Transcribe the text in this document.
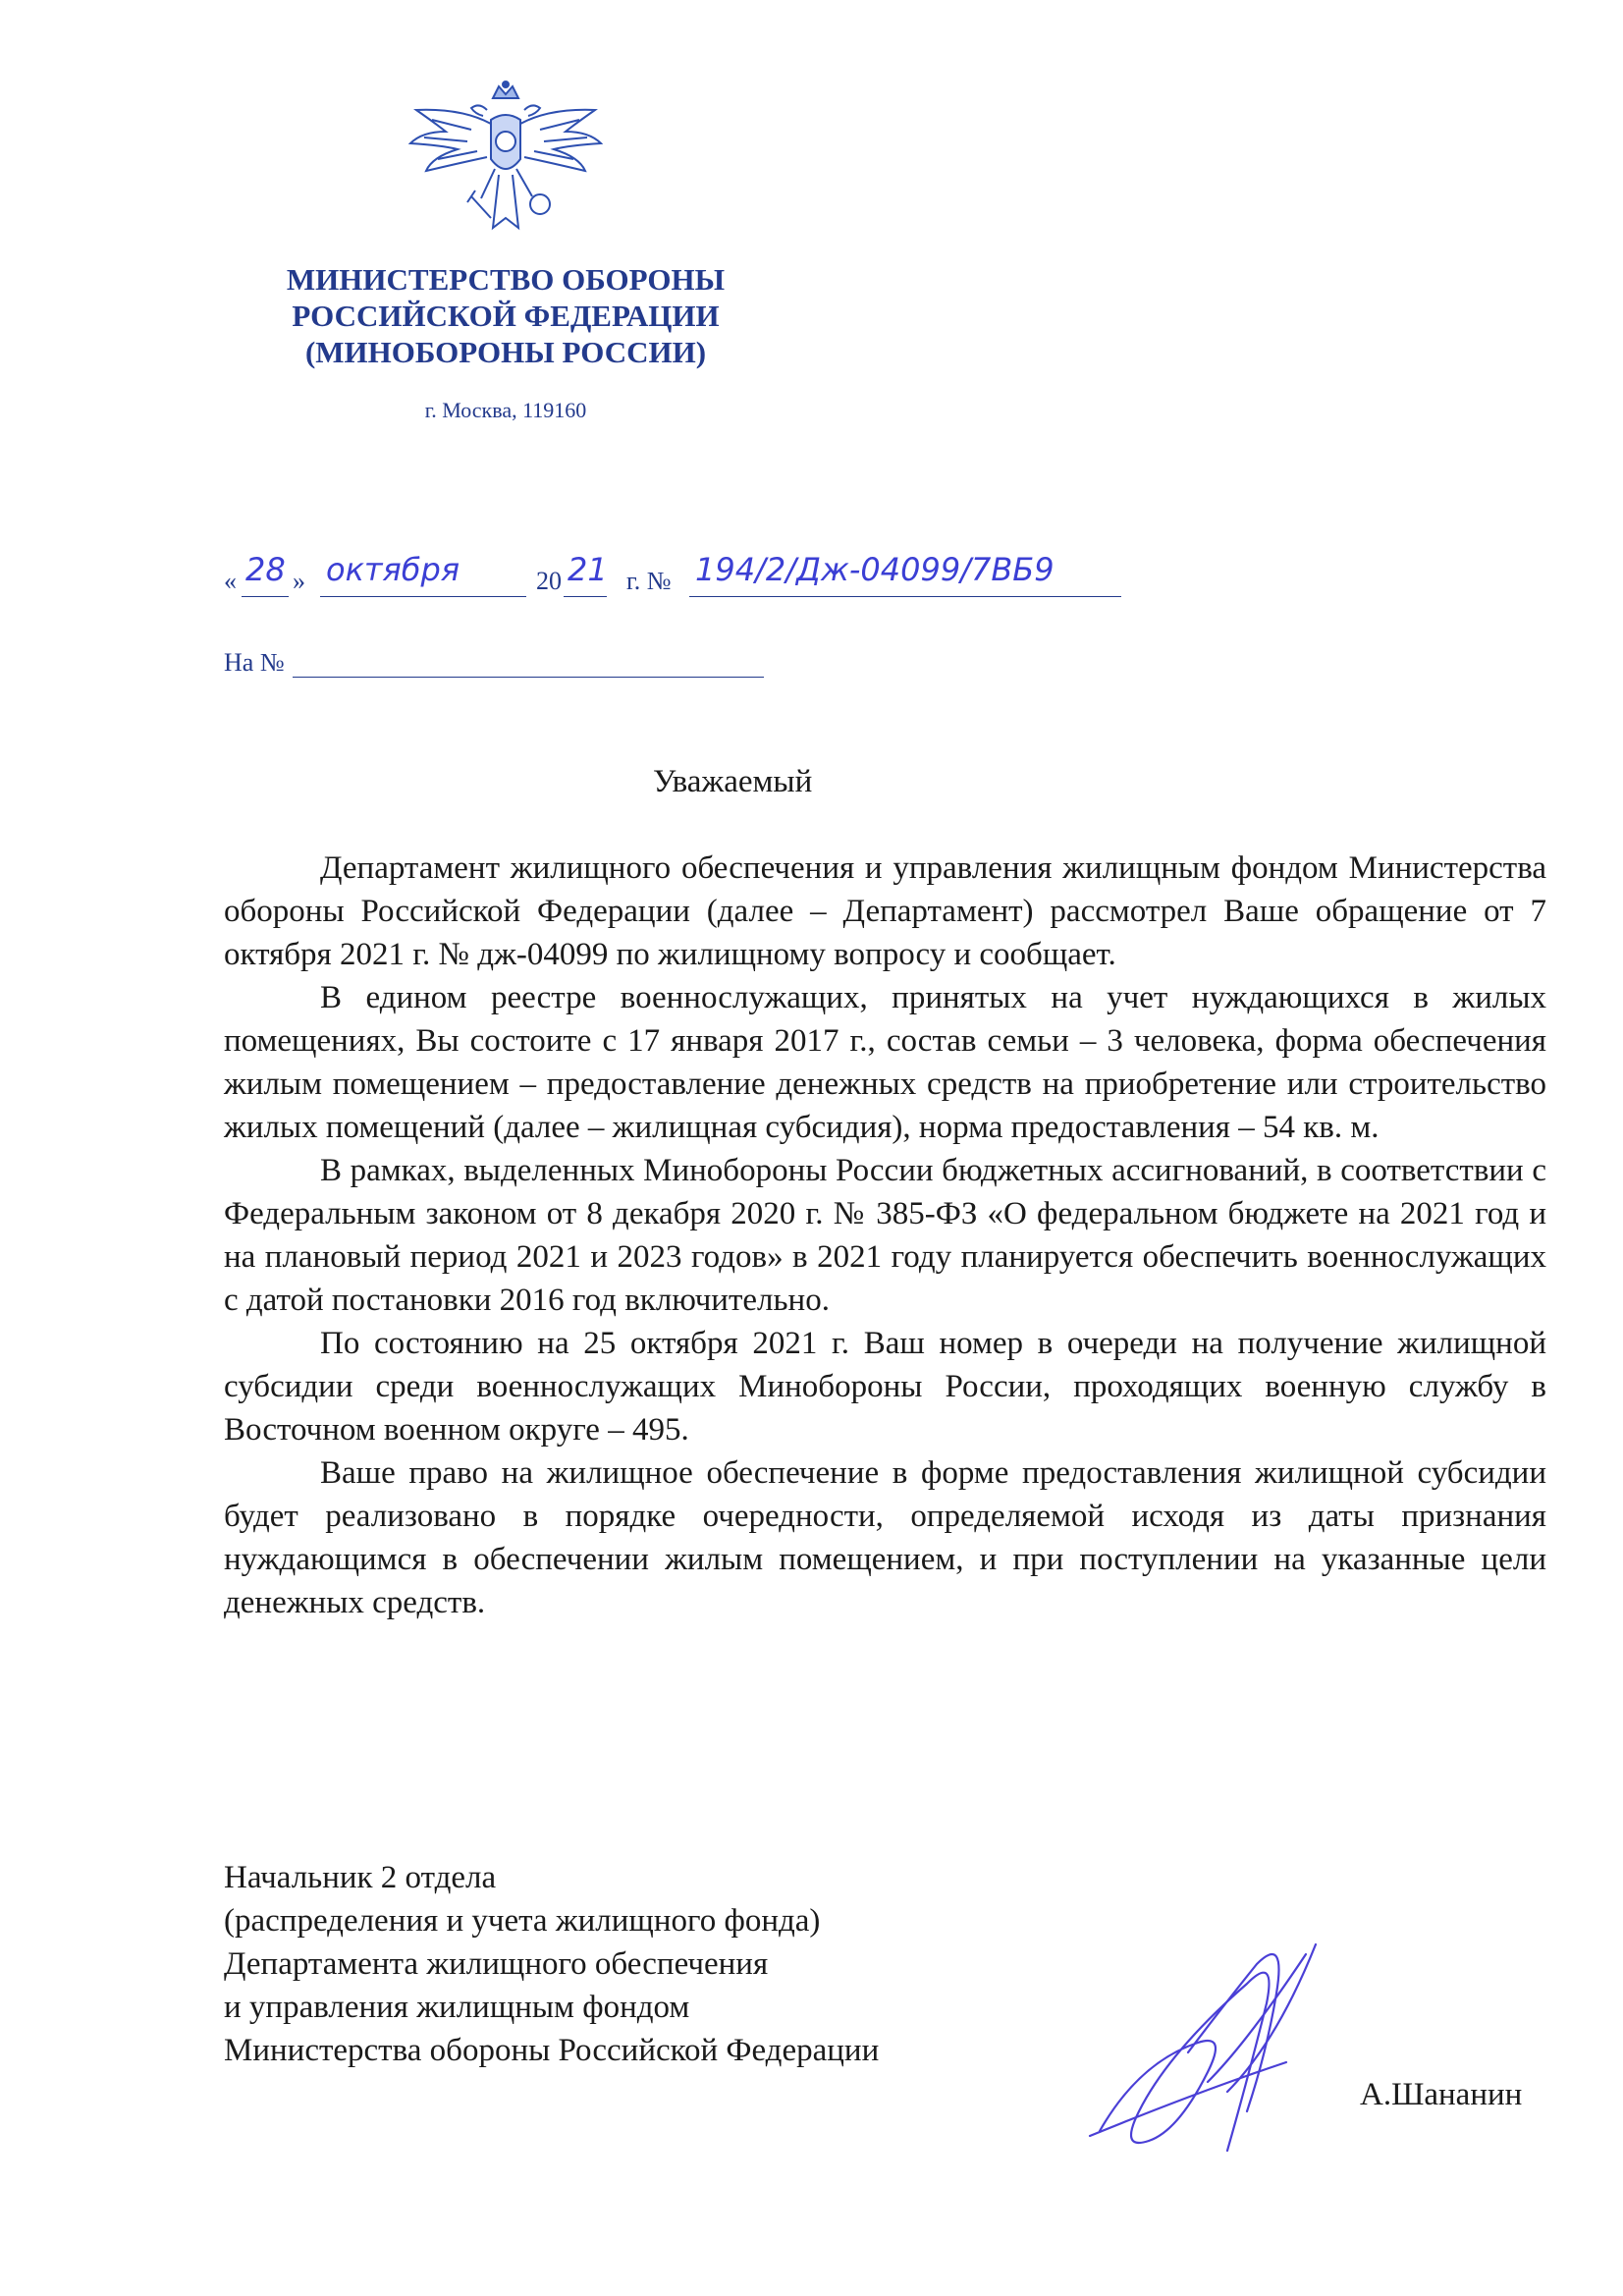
МИНИСТЕРСТВО ОБОРОНЫ
РОССИЙСКОЙ ФЕДЕРАЦИИ
(МИНОБОРОНЫ РОССИИ)
г. Москва, 119160
« 28 » октября	20 21 г. № 194/2/Дж-04099/7ВБ9
На №
Уважаемый

Департамент жилищного обеспечения и управления жилищным фондом Министерства обороны Российской Федерации (далее – Департамент) рассмотрел Ваше обращение от 7 октября 2021 г. № дж-04099 по жилищному вопросу и сообщает.

В едином реестре военнослужащих, принятых на учет нуждающихся в жилых помещениях, Вы состоите с 17 января 2017 г., состав семьи – 3 человека, форма обеспечения жилым помещением – предоставление денежных средств на приобретение или строительство жилых помещений (далее – жилищная субсидия), норма предоставления – 54 кв. м.

В рамках, выделенных Минобороны России бюджетных ассигнований, в соответствии с Федеральным законом от 8 декабря 2020 г. № 385-ФЗ «О федеральном бюджете на 2021 год и на плановый период 2021 и 2023 годов» в 2021 году планируется обеспечить военнослужащих с датой постановки 2016 год включительно.

По состоянию на 25 октября 2021 г. Ваш номер в очереди на получение жилищной субсидии среди военнослужащих Минобороны России, проходящих военную службу в Восточном военном округе – 495.

Ваше право на жилищное обеспечение в форме предоставления жилищной субсидии будет реализовано в порядке очередности, определяемой исходя из даты признания нуждающимся в обеспечении жилым помещением, и при поступлении на указанные цели денежных средств.

Начальник 2 отдела
(распределения и учета жилищного фонда)
Департамента жилищного обеспечения
и управления жилищным фондом
Министерства обороны Российской Федерации
А.Шананин
